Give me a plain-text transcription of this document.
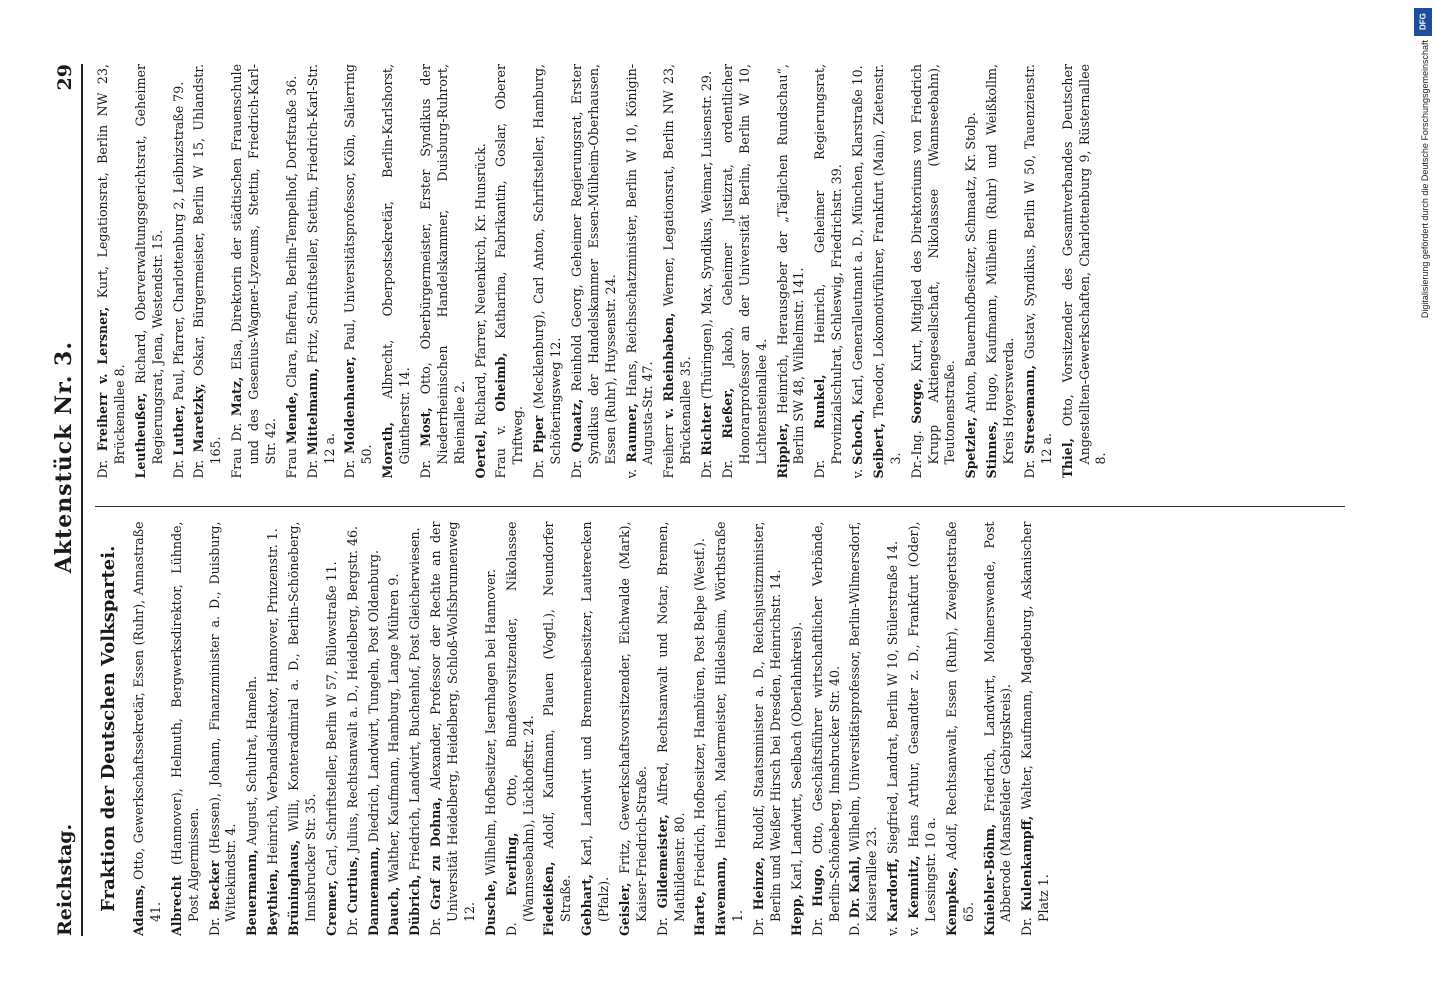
Reichstag.
Aktenstück Nr. 3.
29
Fraktion der Deutschen Volkspartei. Adams, Otto, Gewerkschaftssekretär, Essen (Ruhr), Annastraße 41. Albrecht (Hannover), Helmuth, Bergwerksdirektor, Lühnde, Post Algermissen.
Dr. Becker (Hessen), Johann, Finanzminister a. D., Duisburg, Wittekindstr. 4. Beuermann, August, Schulrat, Hameln.
Beythien, Heinrich, Verbandsdirektor, Hannover, Prinzenstr. 1.
Brüninghaus, Willi, Konteradmiral a. D., Berlin-Schöneberg, Innsbrucker Str. 35. Cremer, Carl, Schriftsteller, Berlin W 57, Bülowstraße 11.
Dr. Curtius, Julius, Rechtsanwalt a. D., Heidelberg, Bergstr. 46.
Dannemann, Diedrich, Landwirt, Tungeln, Post Oldenburg.
Dauch, Walther, Kaufmann, Hamburg, Lange Mühren 9.
Dübrich, Friedrich, Landwirt, Buchenhof, Post Gleicherwiesen.
Dr. Graf zu Dohna, Alexander, Professor der Rechte an der Universität Heidelberg, Heidelberg, Schloß-Wolfsbrunnenweg 12. Dusche, Wilhelm, Hofbesitzer, Isernhagen bei Hannover.
D. Everling, Otto, Bundesvorsitzender, Nikolassee (Wannseebahn), Lückhoffstr. 24. Fiedeißen, Adolf, Kaufmann, Plauen (Vogtl.), Neundorfer Straße. Gebhart, Karl, Landwirt und Brennereibesitzer, Lauterecken (Pfalz). Geisler, Fritz, Gewerkschaftsvorsitzender, Eichwalde (Mark), Kaiser-Friedrich-Straße.
Dr. Gildemeister, Alfred, Rechtsanwalt und Notar, Bremen, Mathildenstr. 80. Harte, Friedrich, Hofbesitzer, Hambüren, Post Belpe (Westf.).
Havemann, Heinrich, Malermeister, Hildesheim, Wörthstraße 1.
Dr. Heinze, Rudolf, Staatsminister a. D., Reichsjustizminister, Berlin und Weißer Hirsch bei Dresden, Heinrichstr. 14. Hepp, Karl, Landwirt, Seelbach (Oberlahnkreis).
Dr. Hugo, Otto, Geschäftsführer wirtschaftlicher Verbände, Berlin-Schöneberg, Innsbrucker Str. 40.
D. Dr. Kahl, Wilhelm, Universitätsprofessor, Berlin-Wilmersdorf, Kaiserallee 23.
v. Kardorff, Siegfried, Landrat, Berlin W 10, Stülerstraße 14.
v. Kemnitz, Hans Arthur, Gesandter z. D., Frankfurt (Oder), Lessingstr. 10 a. Kempkes, Adolf, Rechtsanwalt, Essen (Ruhr), Zweigertstraße 65. Kniebler-Böhm, Friedrich, Landwirt, Molmerswende, Post Abberode (Mansfelder Gebirgskreis).
Dr. Kulenkampff, Walter, Kaufmann, Magdeburg, Askanischer Platz 1.
Dr. Freiherr v. Lersner, Kurt, Legationsrat, Berlin NW 23, Brückenallee 8. Leutheußer, Richard, Oberverwaltungsgerichtsrat, Geheimer Regierungsrat, Jena, Westendstr. 15.
Dr. Luther, Paul, Pfarrer, Charlottenburg 2, Leibnizstraße 79.
Dr. Maretzky, Oskar, Bürgermeister, Berlin W 15, Uhlandstr. 165. Frau Dr. Matz, Elsa, Direktorin der städtischen Frauenschule und des Gesenius-Wagner-Lyzeums, Stettin, Friedrich-Karl-Str. 42. Frau Mende, Clara, Ehefrau, Berlin-Tempelhof, Dorfstraße 36.
Dr. Mittelmann, Fritz, Schriftsteller, Stettin, Friedrich-Karl-Str. 12 a.
Dr. Moldenhauer, Paul, Universitätsprofessor, Köln, Salierring 50. Morath, Albrecht, Oberpostsekretär, Berlin-Karlshorst, Güntherstr. 14.
Dr. Most, Otto, Oberbürgermeister, Erster Syndikus der Niederrheinischen Handelskammer, Duisburg-Ruhrort, Rheinallee 2. Oertel, Richard, Pfarrer, Neuenkirch, Kr. Hunsrück.
Frau v. Oheimb, Katharina, Fabrikantin, Goslar, Oberer Triftweg.
Dr. Piper (Mecklenburg), Carl Anton, Schriftsteller, Hamburg, Schöteringsweg 12.
Dr. Quaatz, Reinhold Georg, Geheimer Regierungsrat, Erster Syndikus der Handelskammer Essen-Mülheim-Oberhausen, Essen (Ruhr), Huyssenstr. 24.
v. Raumer, Hans, Reichsschatzminister, Berlin W 10, Königin-Augusta-Str. 47. Freiherr v. Rheinbaben, Werner, Legationsrat, Berlin NW 23, Brückenallee 35.
Dr. Richter (Thüringen), Max, Syndikus, Weimar, Luisenstr. 29.
Dr. Rießer, Jakob, Geheimer Justizrat, ordentlicher Honorarprofessor an der Universität Berlin, Berlin W 10, Lichtensteinallee 4. Rippler, Heinrich, Herausgeber der „Täglichen Rundschau“, Berlin SW 48, Wilhelmstr. 141.
Dr. Runkel, Heinrich, Geheimer Regierungsrat, Provinzialschulrat, Schleswig, Friedrichstr. 39.
v. Schoch, Karl, Generalleutnant a. D., München, Klarstraße 10.
Seibert, Theodor, Lokomotivführer, Frankfurt (Main), Zietenstr. 3. Dr.-Ing. Sorge, Kurt, Mitglied des Direktoriums von Friedrich Krupp Aktiengesellschaft, Nikolassee (Wannseebahn), Teutonenstraße. Spetzler, Anton, Bauernhofbesitzer, Schmaatz, Kr. Stolp.
Stinnes, Hugo, Kaufmann, Mülheim (Ruhr) und Weißkollm, Kreis Hoyerswerda.
Dr. Stresemann, Gustav, Syndikus, Berlin W 50, Tauenzienstr. 12 a. Thiel, Otto, Vorsitzender des Gesamtverbandes Deutscher Angestellten-Gewerkschaften, Charlottenburg 9, Rüsternallee 8.
DFG
Digitalisierung gefördert durch die Deutsche Forschungsgemeinschaft
